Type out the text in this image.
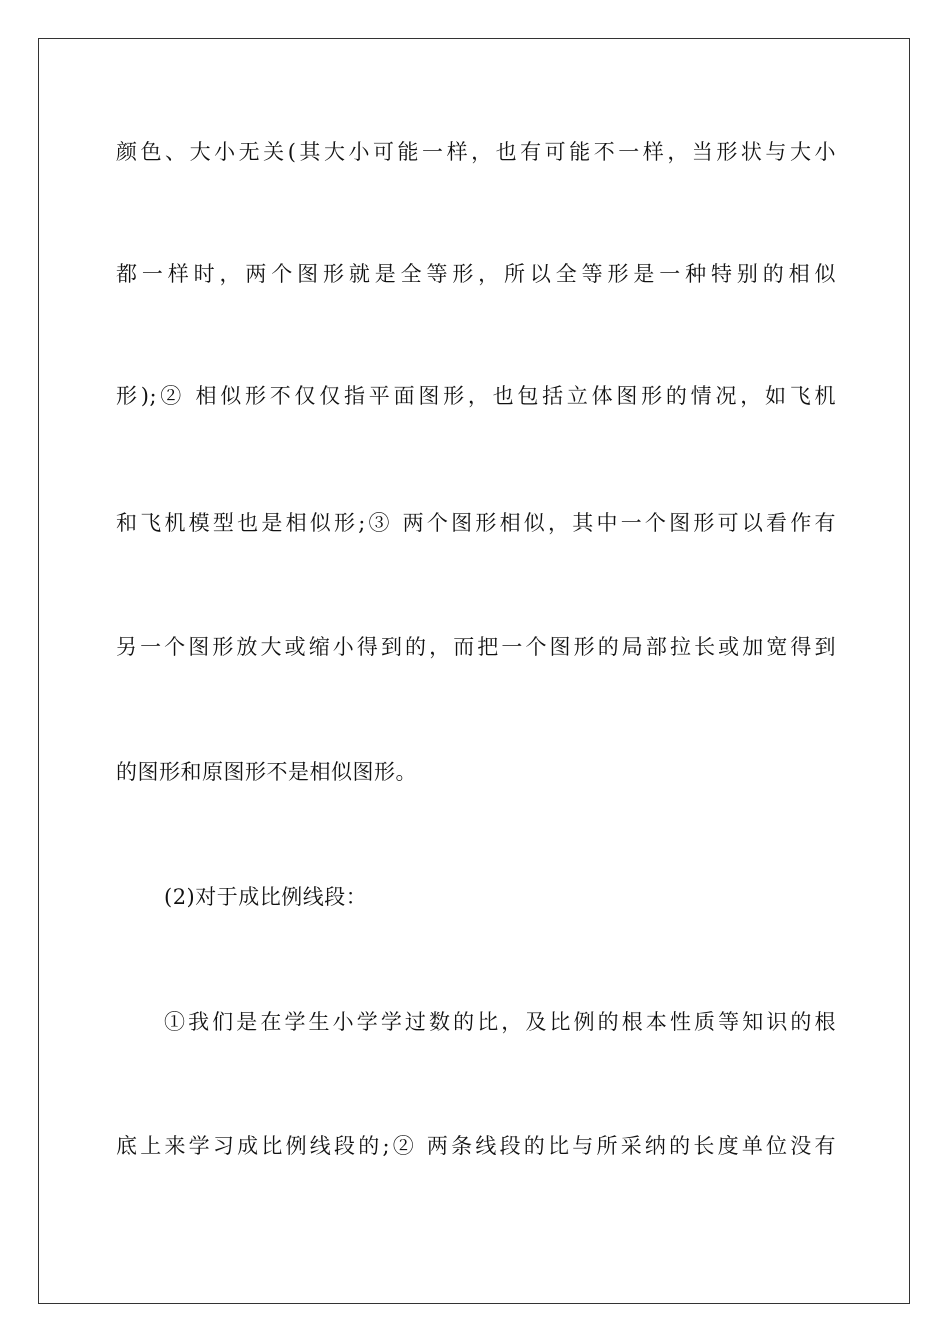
颜色、大小无关(其大小可能一样，也有可能不一样，当形状与大小
都一样时，两个图形就是全等形，所以全等形是一种特别的相似
形);② 相似形不仅仅指平面图形，也包括立体图形的情况，如飞机
和飞机模型也是相似形;③ 两个图形相似，其中一个图形可以看作有
另一个图形放大或缩小得到的，而把一个图形的局部拉长或加宽得到
的图形和原图形不是相似图形。
(2)对于成比例线段：
①我们是在学生小学学过数的比，及比例的根本性质等知识的根
底上来学习成比例线段的;② 两条线段的比与所采纳的长度单位没有
